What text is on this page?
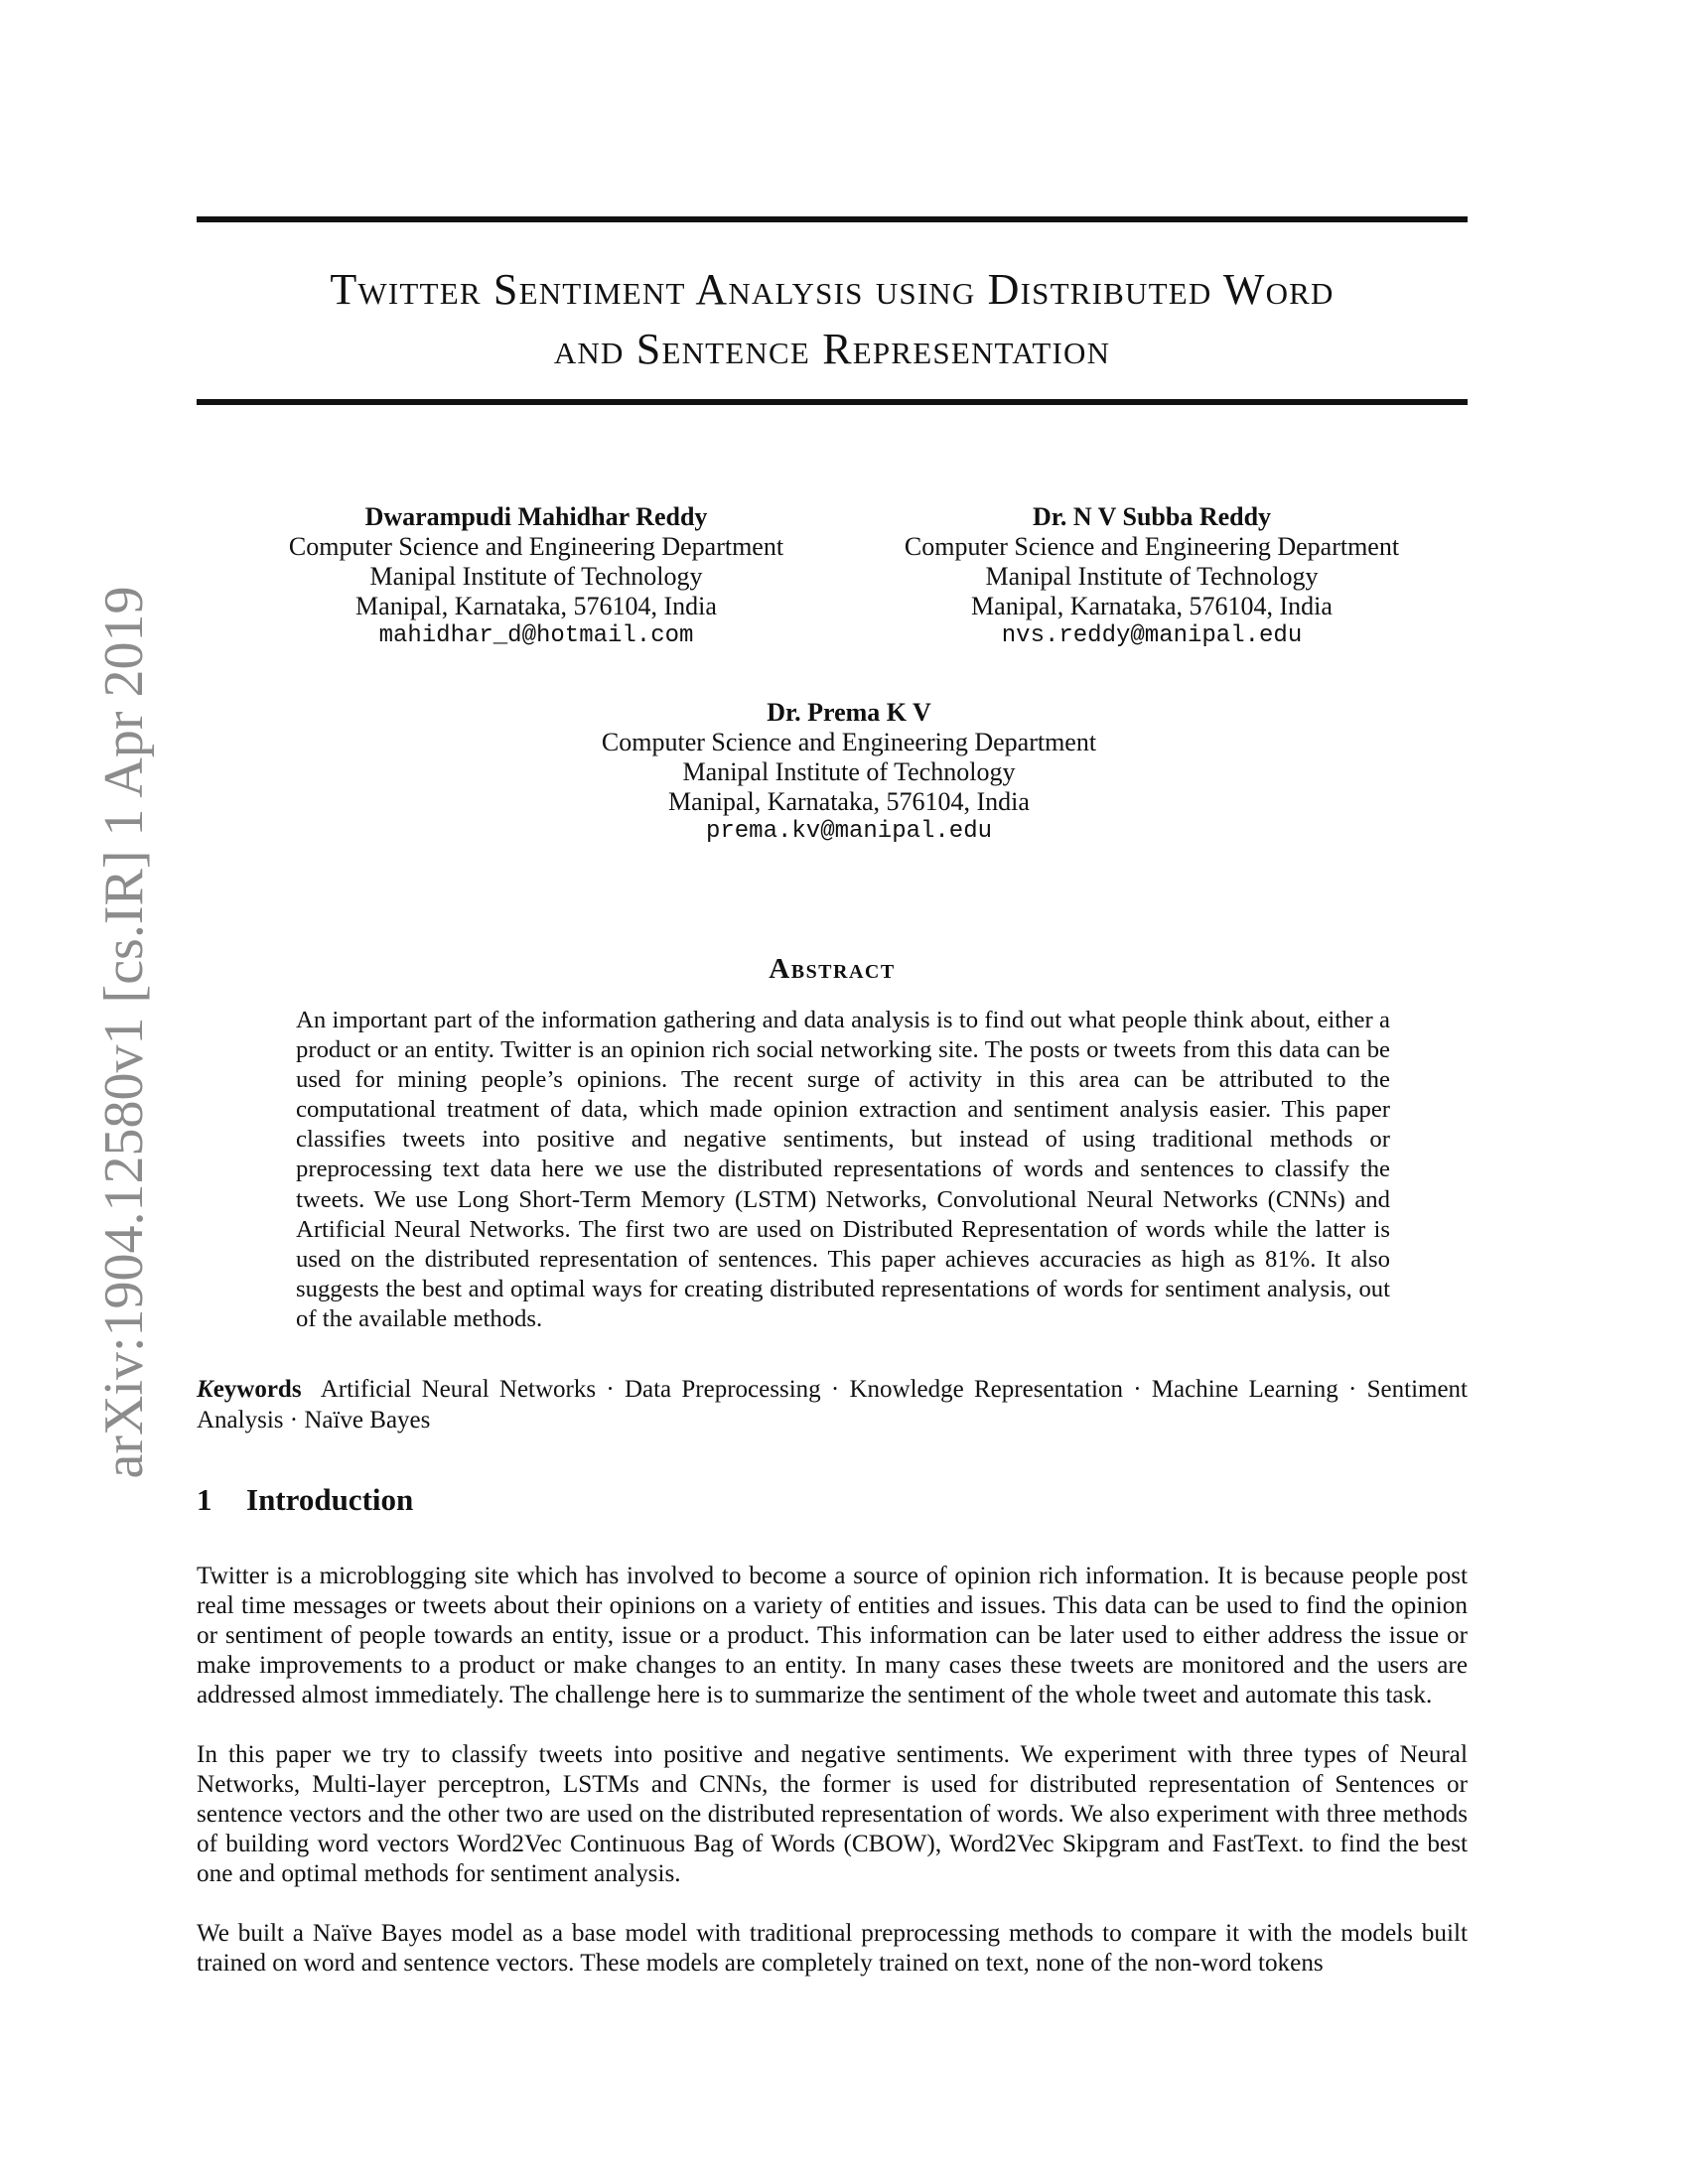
arXiv:1904.12580v1 [cs.IR] 1 Apr 2019
Twitter Sentiment Analysis using Distributed Word
and Sentence Representation
Dwarampudi Mahidhar Reddy
Computer Science and Engineering Department
Manipal Institute of Technology
Manipal, Karnataka, 576104, India
mahidhar_d@hotmail.com
Dr. N V Subba Reddy
Computer Science and Engineering Department
Manipal Institute of Technology
Manipal, Karnataka, 576104, India
nvs.reddy@manipal.edu
Dr. Prema K V
Computer Science and Engineering Department
Manipal Institute of Technology
Manipal, Karnataka, 576104, India
prema.kv@manipal.edu
Abstract
An important part of the information gathering and data analysis is to find out what people think about, either a product or an entity. Twitter is an opinion rich social networking site. The posts or tweets from this data can be used for mining people’s opinions. The recent surge of activity in this area can be attributed to the computational treatment of data, which made opinion extraction and sentiment analysis easier. This paper classifies tweets into positive and negative sentiments, but instead of using traditional methods or preprocessing text data here we use the distributed representations of words and sentences to classify the tweets. We use Long Short-Term Memory (LSTM) Networks, Convolutional Neural Networks (CNNs) and Artificial Neural Networks. The first two are used on Distributed Representation of words while the latter is used on the distributed representation of sentences. This paper achieves accuracies as high as 81%. It also suggests the best and optimal ways for creating distributed representations of words for sentiment analysis, out of the available methods.
Keywords Artificial Neural Networks · Data Preprocessing · Knowledge Representation · Machine Learning · Sentiment Analysis · Naïve Bayes
1 Introduction

Twitter is a microblogging site which has involved to become a source of opinion rich information. It is because people post real time messages or tweets about their opinions on a variety of entities and issues. This data can be used to find the opinion or sentiment of people towards an entity, issue or a product. This information can be later used to either address the issue or make improvements to a product or make changes to an entity. In many cases these tweets are monitored and the users are addressed almost immediately. The challenge here is to summarize the sentiment of the whole tweet and automate this task.

In this paper we try to classify tweets into positive and negative sentiments. We experiment with three types of Neural Networks, Multi-layer perceptron, LSTMs and CNNs, the former is used for distributed representation of Sentences or sentence vectors and the other two are used on the distributed representation of words. We also experiment with three methods of building word vectors Word2Vec Continuous Bag of Words (CBOW), Word2Vec Skipgram and FastText. to find the best one and optimal methods for sentiment analysis.

We built a Naïve Bayes model as a base model with traditional preprocessing methods to compare it with the models built trained on word and sentence vectors. These models are completely trained on text, none of the non-word tokens
